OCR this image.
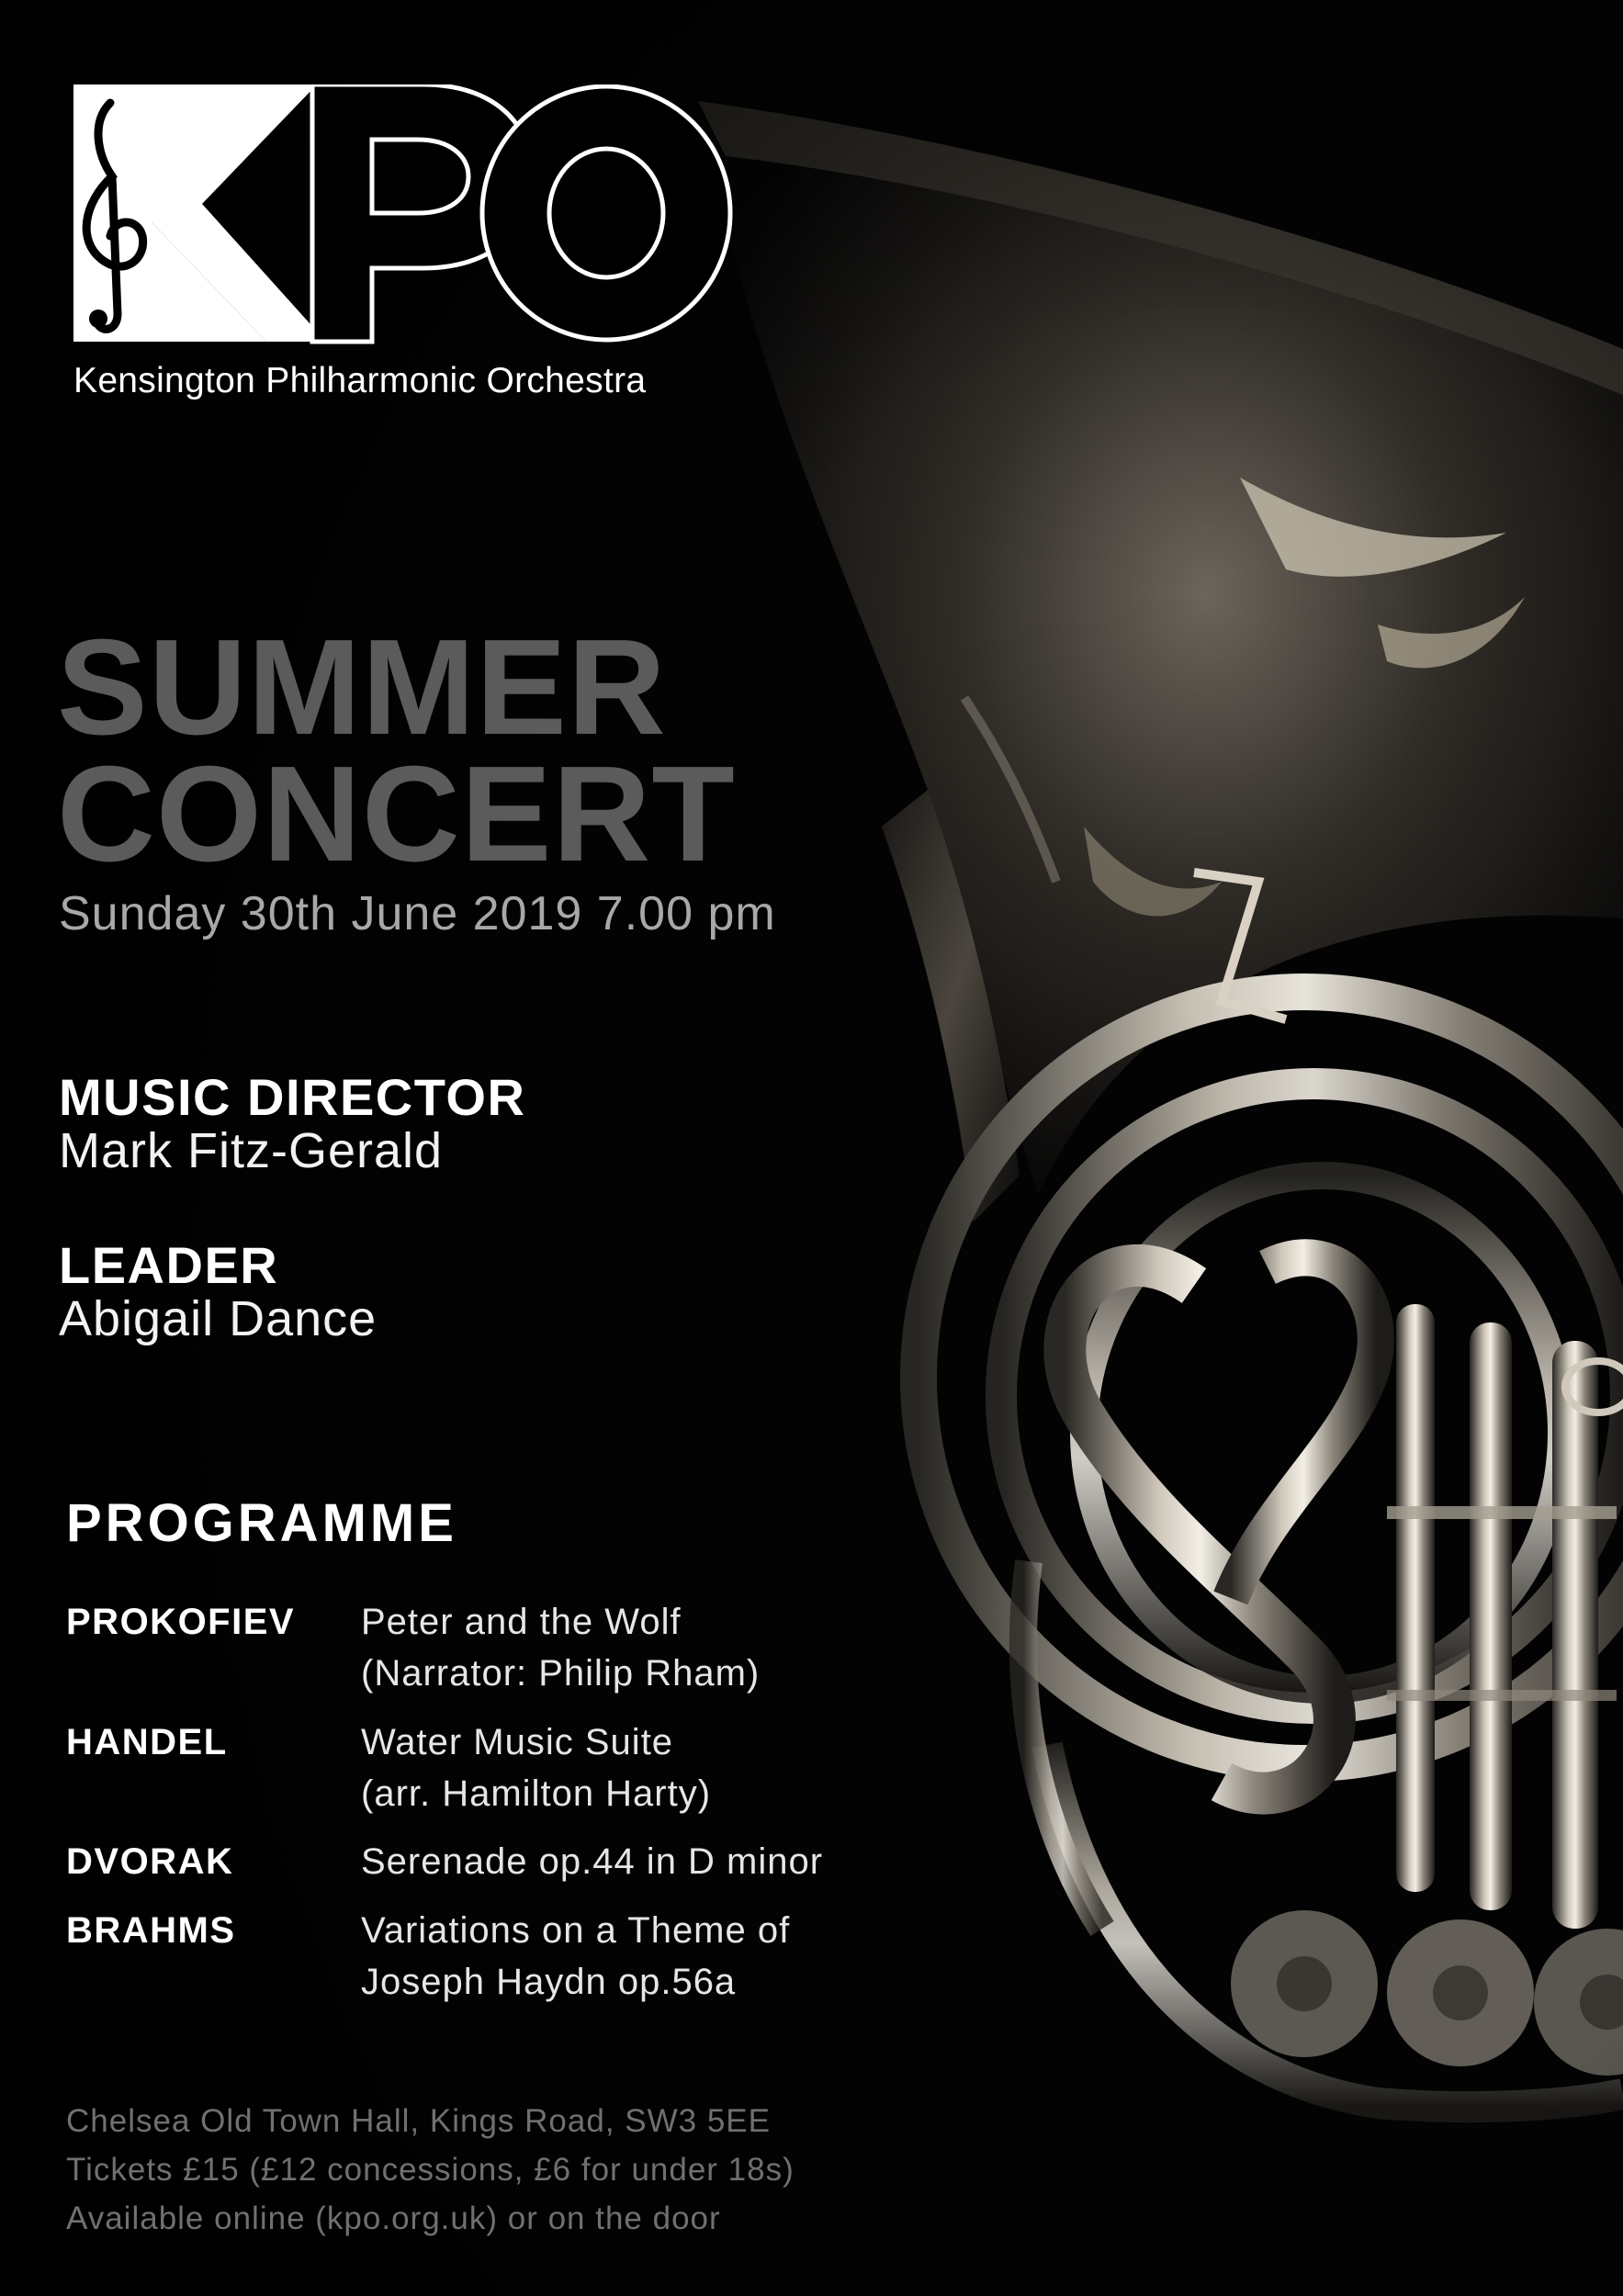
Kensington Philharmonic Orchestra
SUMMER
CONCERT
Sunday 30th June 2019 7.00 pm
MUSIC DIRECTOR
Mark Fitz-Gerald
LEADER
Abigail Dance
PROGRAMME
PROKOFIEV Peter and the Wolf
(Narrator: Philip Rham)
HANDEL	Water Music Suite
(arr. Hamilton Harty)
DVORAK	Serenade op.44 in D minor
BRAHMS	Variations on a Theme of
Joseph Haydn op.56a
Chelsea Old Town Hall, Kings Road, SW3 5EE
Tickets £15 (£12 concessions, £6 for under 18s)
Available online (kpo.org.uk) or on the door
